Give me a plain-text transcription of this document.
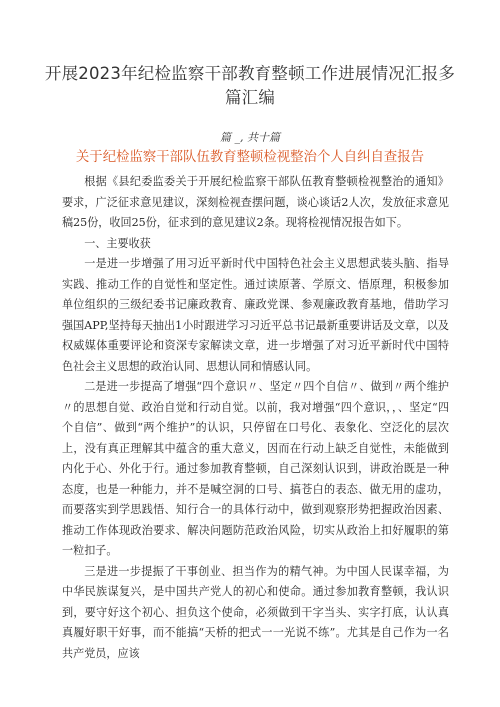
开展2023年纪检监察干部教育整顿工作进展情况汇报多篇汇编
篇 _, 共十篇
关于纪检监察干部队伍教育整顿检视整治个人自纠自查报告

根据《县纪委监委关于开展纪检监察干部队伍教育整顿检视整治的通知》要求，广泛征求意见建议，深刻检视查摆问题，谈心谈话2人次，发放征求意见稿25份，收回25份，征求到的意见建议2条。现将检视情况报告如下。

一、主要收获

一是进一步增强了用习近平新时代中国特色社会主义思想武装头脑、指导实践、推动工作的自觉性和坚定性。通过读原著、学原文、悟原理，积极参加单位组织的三级纪委书记廉政教育、廉政党课、参观廉政教育基地，借助学习强国APP,坚持每天抽出1小时跟进学习习近平总书记最新重要讲话及文章，以及权威媒体重要评论和资深专家解读文章，进一步增强了对习近平新时代中国特色社会主义思想的政治认同、思想认同和情感认同。

二是进一步提高了增强“四个意识〃、坚定〃四个自信〃、做到〃两个维护〃的思想自觉、政治自觉和行动自觉。以前，我对增强“四个意识，，、坚定“四个自信”、做到“两个维护”的认识，只停留在口号化、表象化、空泛化的层次上，没有真正理解其中蕴含的重大意义，因而在行动上缺乏自觉性，未能做到内化于心、外化于行。通过参加教育整顿，自己深刻认识到，讲政治既是一种态度，也是一种能力，并不是喊空洞的口号、搞苍白的表态、做无用的虚功，而要落实到学思践悟、知行合一的具体行动中，做到观察形势把握政治因素、推动工作体现政治要求、解决问题防范政治风险，切实从政治上扣好履职的第一粒扣子。

三是进一步提振了干事创业、担当作为的精气神。为中国人民谋幸福，为中华民族谋复兴，是中国共产党人的初心和使命。通过参加教育整顿，我认识到，要守好这个初心、担负这个使命，必须做到干字当头、实字打底，认认真真履好职干好事，而不能搞“天桥的把式一一光说不练”。尤其是自己作为一名共产党员，应该
